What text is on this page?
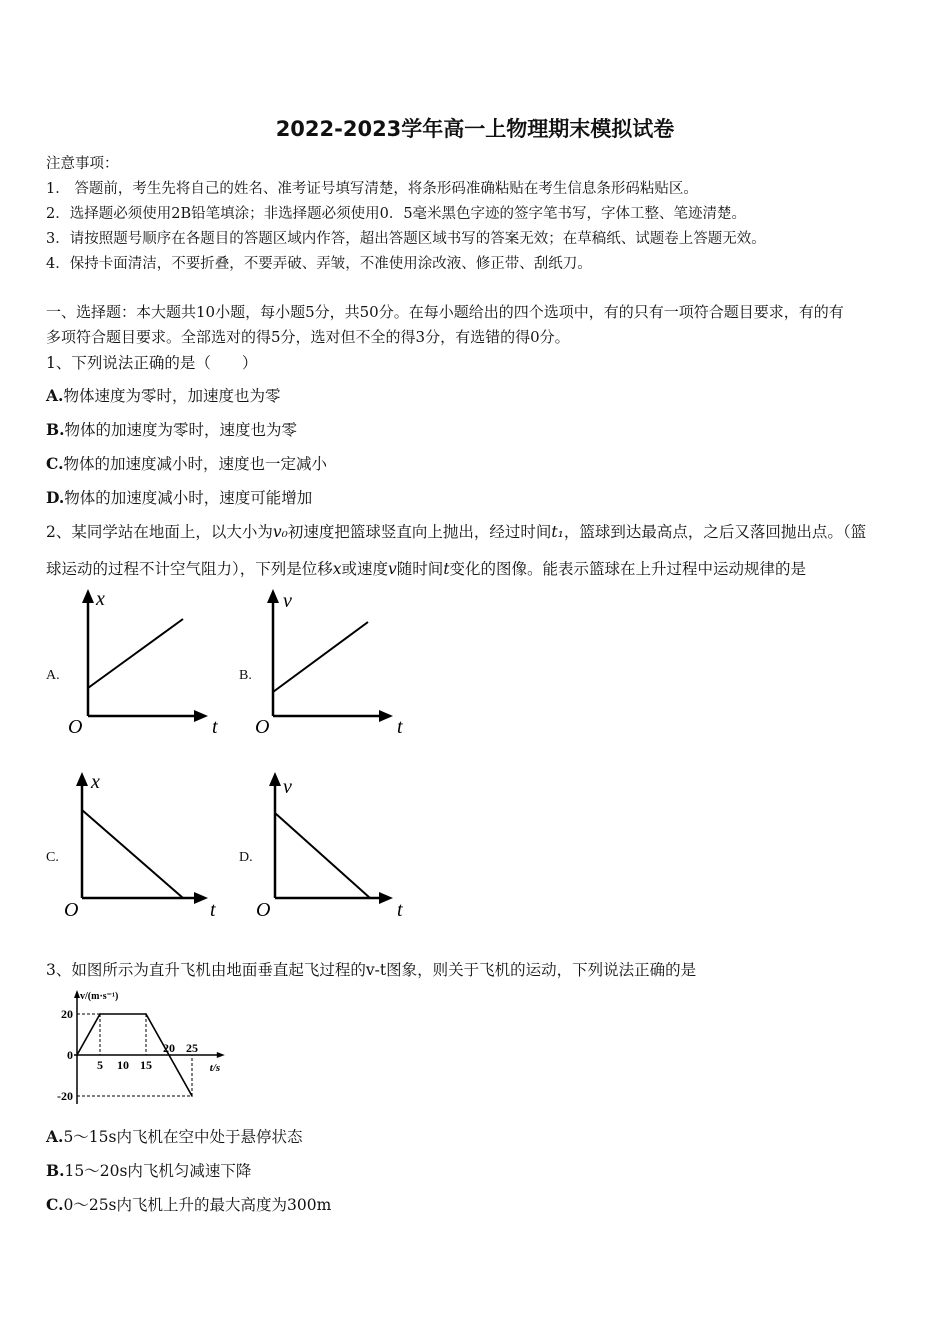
2022-2023学年高一上物理期末模拟试卷
注意事项：
1． 答题前，考生先将自己的姓名、准考证号填写清楚，将条形码准确粘贴在考生信息条形码粘贴区。
2．选择题必须使用2B铅笔填涂；非选择题必须使用0．5毫米黑色字迹的签字笔书写，字体工整、笔迹清楚。
3．请按照题号顺序在各题目的答题区域内作答，超出答题区域书写的答案无效；在草稿纸、试题卷上答题无效。
4．保持卡面清洁，不要折叠，不要弄破、弄皱，不准使用涂改液、修正带、刮纸刀。
一、选择题：本大题共10小题，每小题5分，共50分。在每小题给出的四个选项中，有的只有一项符合题目要求，有的有
多项符合题目要求。全部选对的得5分，选对但不全的得3分，有选错的得0分。
1、下列说法正确的是（　　）
A.物体速度为零时，加速度也为零
B.物体的加速度为零时，速度也为零
C.物体的加速度减小时，速度也一定减小
D.物体的加速度减小时，速度可能增加
2、某同学站在地面上，以大小为v₀初速度把篮球竖直向上抛出，经过时间t₁，篮球到达最高点，之后又落回抛出点。（篮
球运动的过程不计空气阻力），下列是位移x或速度v随时间t变化的图像。能表示篮球在上升过程中运动规律的是
A.
x
t
O
B.
v
t
O
C.
x
t
O
D.
v
t
O
3、如图所示为直升飞机由地面垂直起飞过程的v-t图象，则关于飞机的运动，下列说法正确的是
v/(m·s⁻¹)
t/s
20
0
-20
5 10 15
20 25
A.5～15s内飞机在空中处于悬停状态
B.15～20s内飞机匀减速下降
C.0～25s内飞机上升的最大高度为300m
